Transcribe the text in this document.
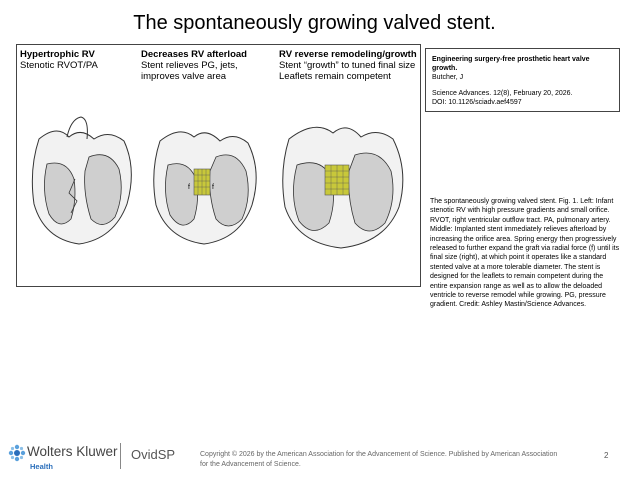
The spontaneously growing valved stent.
Hypertrophic RV
Stenotic RVOT/PA
Decreases RV afterload
Stent relieves PG, jets,
improves valve area
RV reverse remodeling/growth
Stent “growth” to tuned final size
Leaflets remain competent
f	f
Engineering surgery-free prosthetic heart valve growth.
Butcher, J
Science Advances. 12(8), February 20, 2026.
DOI: 10.1126/sciadv.aef4597
The spontaneously growing valved stent. Fig. 1. Left: Infant stenotic RV with high pressure gradients and small orifice. RVOT, right ventricular outflow tract. PA, pulmonary artery. Middle: Implanted stent immediately relieves afterload by increasing the orifice area. Spring energy then progressively released to further expand the graft via radial force (f) until its final size (right), at which point it operates like a standard stented valve at a more tolerable diameter. The stent is designed for the leaflets to remain competent during the entire expansion range as well as to allow the deloaded ventricle to reverse remodel while growing. PG, pressure gradient. Credit: Ashley Mastin/Science Advances.
Wolters Kluwer
Health
OvidSP	Copyright © 2026 by the American Association for the Advancement of Science. Published by American Association for the Advancement of Science.
2
